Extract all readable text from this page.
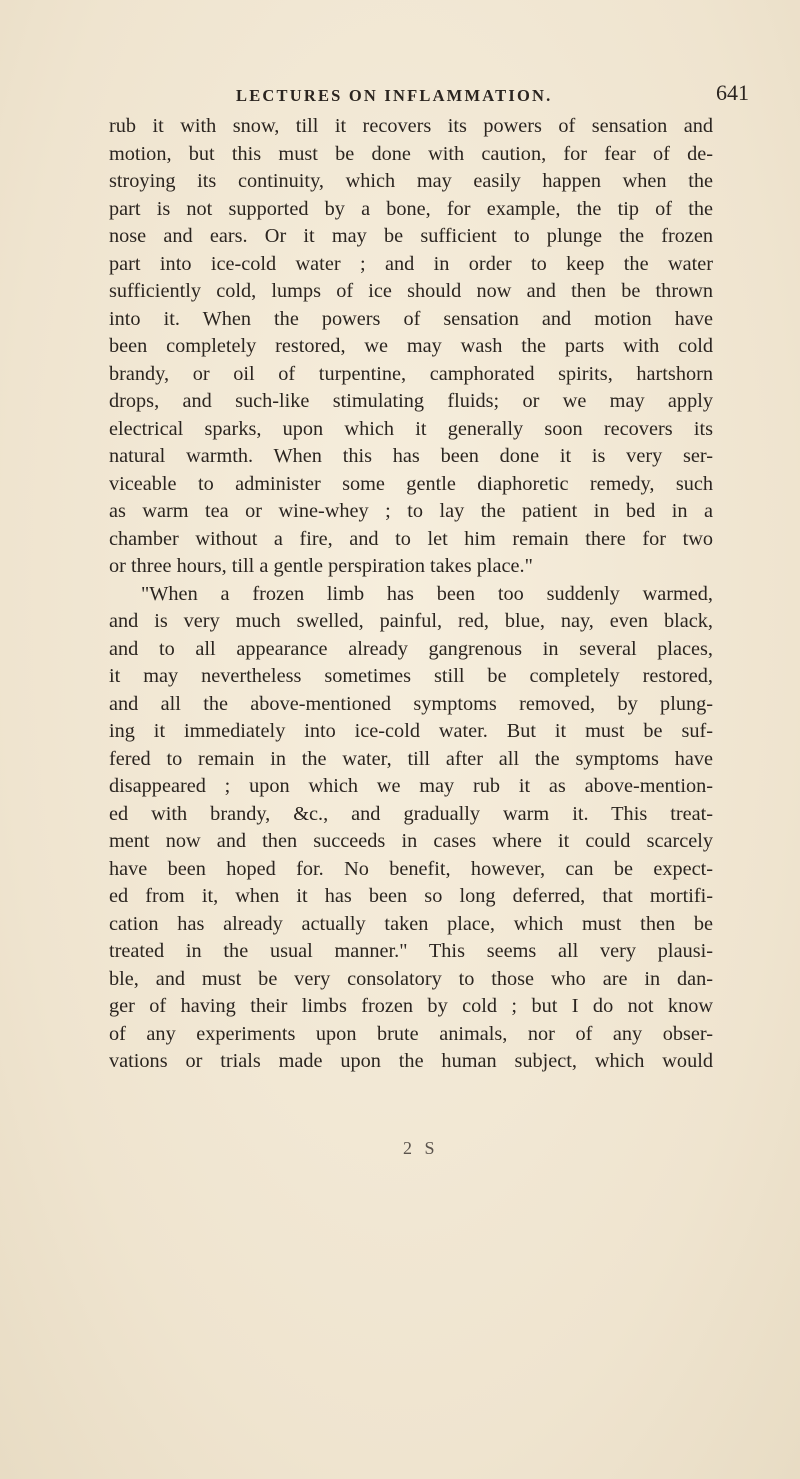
LECTURES ON INFLAMMATION.	641
rub it with snow, till it recovers its powers of sensation and
motion, but this must be done with caution, for fear of de-
stroying its continuity, which may easily happen when the
part is not supported by a bone, for example, the tip of the
nose and ears. Or it may be sufficient to plunge the frozen
part into ice-cold water ; and in order to keep the water
sufficiently cold, lumps of ice should now and then be thrown
into it. When the powers of sensation and motion have
been completely restored, we may wash the parts with cold
brandy, or oil of turpentine, camphorated spirits, hartshorn
drops, and such-like stimulating fluids; or we may apply
electrical sparks, upon which it generally soon recovers its
natural warmth. When this has been done it is very ser-
viceable to administer some gentle diaphoretic remedy, such
as warm tea or wine-whey ; to lay the patient in bed in a
chamber without a fire, and to let him remain there for two
or three hours, till a gentle perspiration takes place."
"When a frozen limb has been too suddenly warmed,
and is very much swelled, painful, red, blue, nay, even black,
and to all appearance already gangrenous in several places,
it may nevertheless sometimes still be completely restored,
and all the above-mentioned symptoms removed, by plung-
ing it immediately into ice-cold water. But it must be suf-
fered to remain in the water, till after all the symptoms have
disappeared ; upon which we may rub it as above-mention-
ed with brandy, &c., and gradually warm it. This treat-
ment now and then succeeds in cases where it could scarcely
have been hoped for. No benefit, however, can be expect-
ed from it, when it has been so long deferred, that mortifi-
cation has already actually taken place, which must then be
treated in the usual manner." This seems all very plausi-
ble, and must be very consolatory to those who are in dan-
ger of having their limbs frozen by cold ; but I do not know
of any experiments upon brute animals, nor of any obser-
vations or trials made upon the human subject, which would
2 S
